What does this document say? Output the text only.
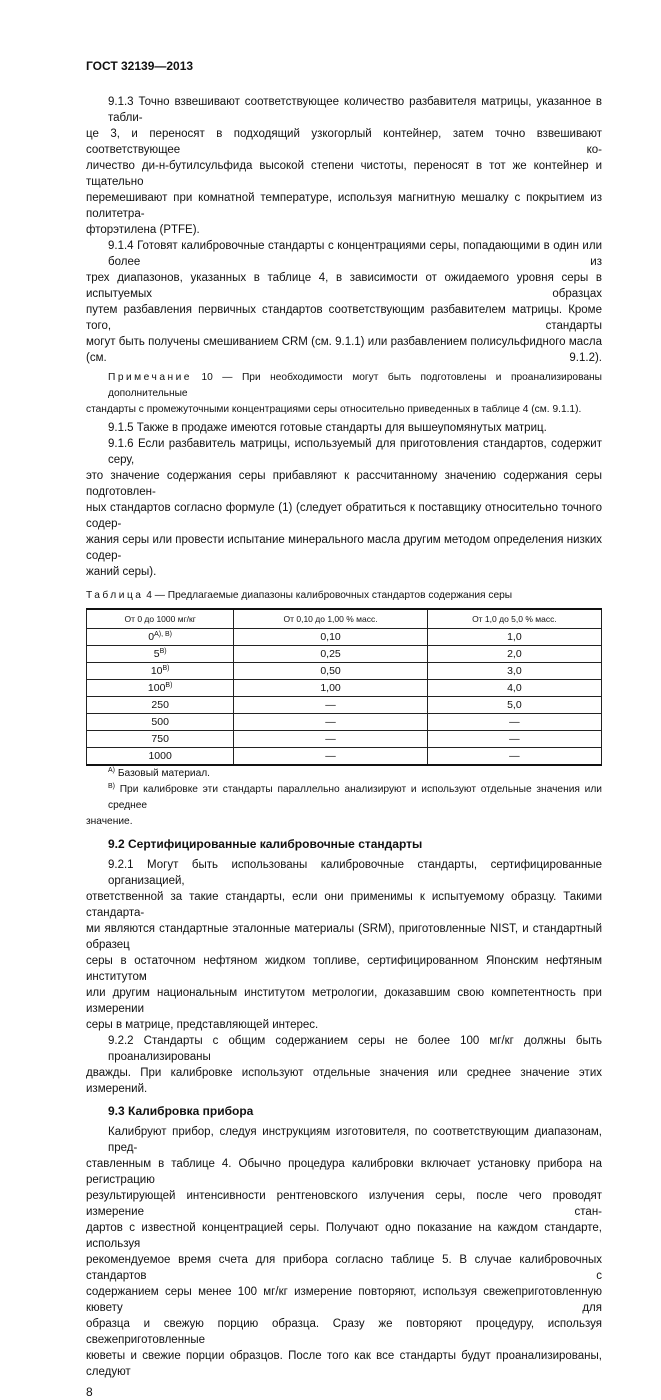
ГОСТ 32139—2013
9.1.3 Точно взвешивают соответствующее количество разбавителя матрицы, указанное в табли-
це 3, и переносят в подходящий узкогорлый контейнер, затем точно взвешивают соответствующее ко-
личество ди-н-бутилсульфида высокой степени чистоты, переносят в тот же контейнер и тщательно
перемешивают при комнатной температуре, используя магнитную мешалку с покрытием из политетра-
фторэтилена (PTFE).
9.1.4 Готовят калибровочные стандарты с концентрациями серы, попадающими в один или более из
трех диапазонов, указанных в таблице 4, в зависимости от ожидаемого уровня серы в испытуемых образцах
путем разбавления первичных стандартов соответствующим разбавителем матрицы. Кроме того, стандарты
могут быть получены смешиванием CRM (см. 9.1.1) или разбавлением полисульфидного масла (см. 9.1.2).
Примечание 10 — При необходимости могут быть подготовлены и проанализированы дополнительные
стандарты с промежуточными концентрациями серы относительно приведенных в таблице 4 (см. 9.1.1).
9.1.5 Также в продаже имеются готовые стандарты для вышеупомянутых матриц.
9.1.6 Если разбавитель матрицы, используемый для приготовления стандартов, содержит серу,
это значение содержания серы прибавляют к рассчитанному значению содержания серы подготовлен-
ных стандартов согласно формуле (1) (следует обратиться к поставщику относительно точного содер-
жания серы или провести испытание минерального масла другим методом определения низких содер-
жаний серы).
Таблица 4 — Предлагаемые диапазоны калибровочных стандартов содержания серы
От 0 до 1000 мг/кг	От 0,10 до 1,00 % масс.	От 1,0 до 5,0 % масс.
$0^{А), В)}$	0,10	1,0
$5^{В)}$	0,25	2,0
$10^{В)}$	0,50	3,0
$100^{В)}$	1,00	4,0
250	—	5,0
500	—	—
750	—	—
1000	—	—
$^{А)}$ Базовый материал.
$^{В)}$ При калибровке эти стандарты параллельно анализируют и используют отдельные значения или среднее
значение.
9.2 Сертифицированные калибровочные стандарты
9.2.1 Могут быть использованы калибровочные стандарты, сертифицированные организацией,
ответственной за такие стандарты, если они применимы к испытуемому образцу. Такими стандарта-
ми являются стандартные эталонные материалы (SRM), приготовленные NIST, и стандартный образец
серы в остаточном нефтяном жидком топливе, сертифицированном Японским нефтяным институтом
или другим национальным институтом метрологии, доказавшим свою компетентность при измерении
серы в матрице, представляющей интерес.
9.2.2 Стандарты с общим содержанием серы не более 100 мг/кг должны быть проанализированы
дважды. При калибровке используют отдельные значения или среднее значение этих измерений.
9.3 Калибровка прибора
Калибруют прибор, следуя инструкциям изготовителя, по соответствующим диапазонам, пред-
ставленным в таблице 4. Обычно процедура калибровки включает установку прибора на регистрацию
результирующей интенсивности рентгеновского излучения серы, после чего проводят измерение стан-
дартов с известной концентрацией серы. Получают одно показание на каждом стандарте, используя
рекомендуемое время счета для прибора согласно таблице 5. В случае калибровочных стандартов с
содержанием серы менее 100 мг/кг измерение повторяют, используя свежеприготовленную кювету для
образца и свежую порцию образца. Сразу же повторяют процедуру, используя свежеприготовленные
кюветы и свежие порции образцов. После того как все стандарты будут проанализированы, следуют
8
